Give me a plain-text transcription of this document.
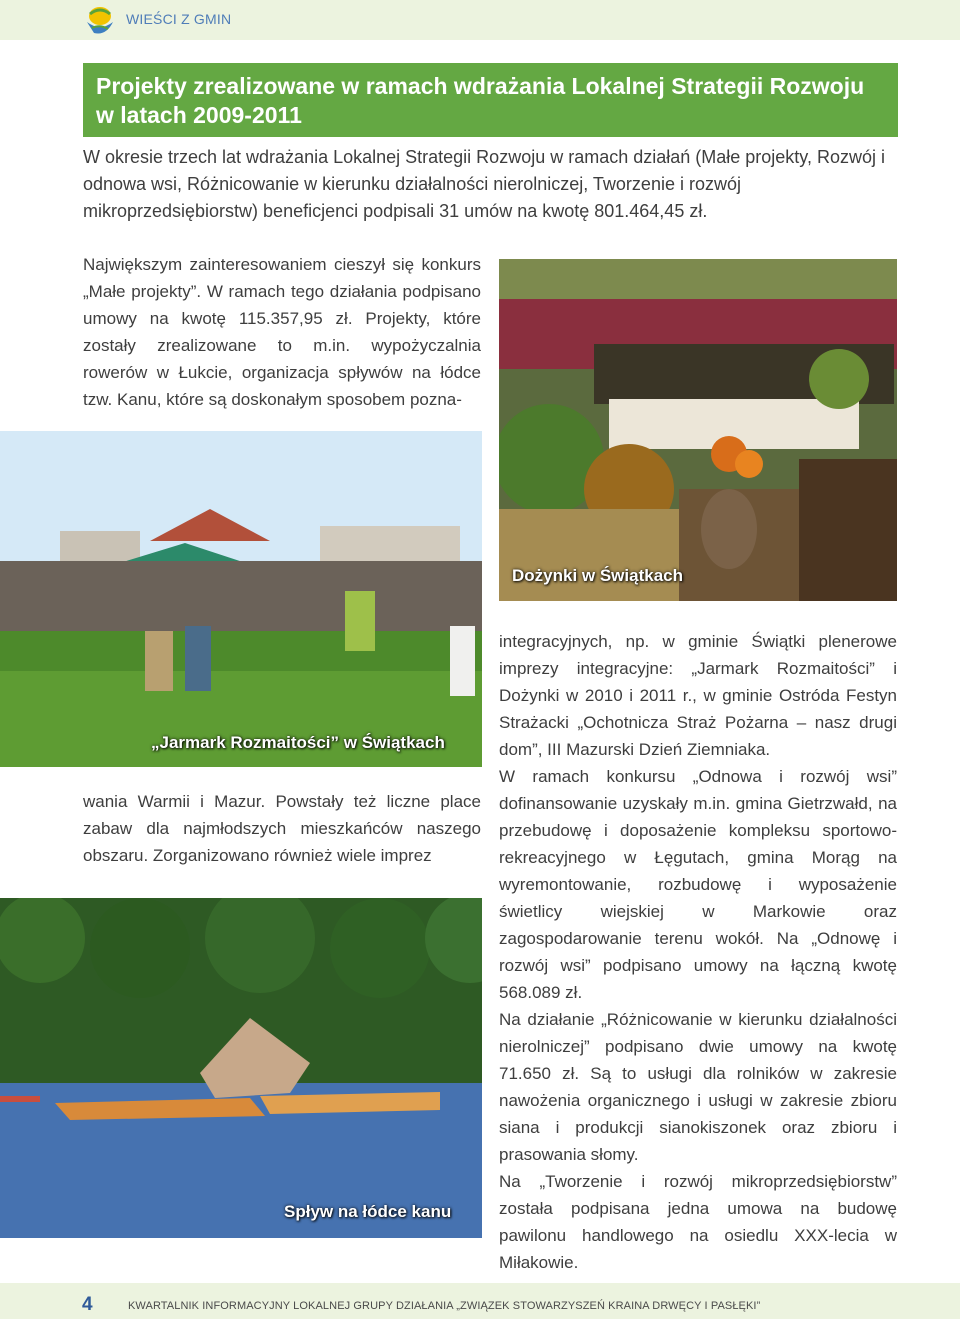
WIEŚCI Z GMIN
Projekty zrealizowane w ramach wdrażania Lokalnej Strategii Rozwoju w latach 2009-2011

W okresie trzech lat wdrażania Lokalnej Strategii Rozwoju w ramach działań (Małe projekty, Rozwój i odnowa wsi, Różnicowanie w kierunku działalności nierolniczej, Tworzenie i rozwój mikroprzedsiębiorstw) beneficjenci podpisali 31 umów na kwotę 801.464,45 zł.

Największym zainteresowaniem cieszył się konkurs „Małe projekty”. W ramach tego działania podpisano umowy na kwotę 115.357,95 zł. Projekty, które zostały zrealizowane to m.in. wypożyczalnia rowerów w Łukcie, organizacja spływów na łódce tzw. Kanu, które są doskonałym sposobem pozna-

Dożynki w Świątkach
„Jarmark Rozmaitości” w Świątkach

wania Warmii i Mazur. Powstały też liczne place zabaw dla najmłodszych mieszkańców naszego obszaru. Zorganizowano również wiele imprez

Spływ na łódce kanu

integracyjnych, np. w gminie Świątki plenerowe imprezy integracyjne: „Jarmark Rozmaitości” i Dożynki w 2010 i 2011 r., w gminie Ostróda Festyn Strażacki „Ochotnicza Straż Pożarna – nasz drugi dom”, III Mazurski Dzień Ziemniaka.

W ramach konkursu „Odnowa i rozwój wsi” dofinansowanie uzyskały m.in. gmina Gietrzwałd, na przebudowę i doposażenie kompleksu sportowo-rekreacyjnego w Łęgutach, gmina Morąg na wyremontowanie, rozbudowę i wyposażenie świetlicy wiejskiej w Markowie oraz zagospodarowanie terenu wokół. Na „Odnowę i rozwój wsi” podpisano umowy na łączną kwotę 568.089 zł.

Na działanie „Różnicowanie w kierunku działalności nierolniczej” podpisano dwie umowy na kwotę 71.650 zł. Są to usługi dla rolników w zakresie nawożenia organicznego i usługi w zakresie zbioru siana i produkcji sianokiszonek oraz zbioru i prasowania słomy.

Na „Tworzenie i rozwój mikroprzedsiębiorstw” została podpisana jedna umowa na budowę pawilonu handlowego na osiedlu XXX-lecia w Miłakowie.

4	KWARTALNIK INFORMACYJNY LOKALNEJ GRUPY DZIAŁANIA „ZWIĄZEK STOWARZYSZEŃ KRAINA DRWĘCY I PASŁĘKI”
